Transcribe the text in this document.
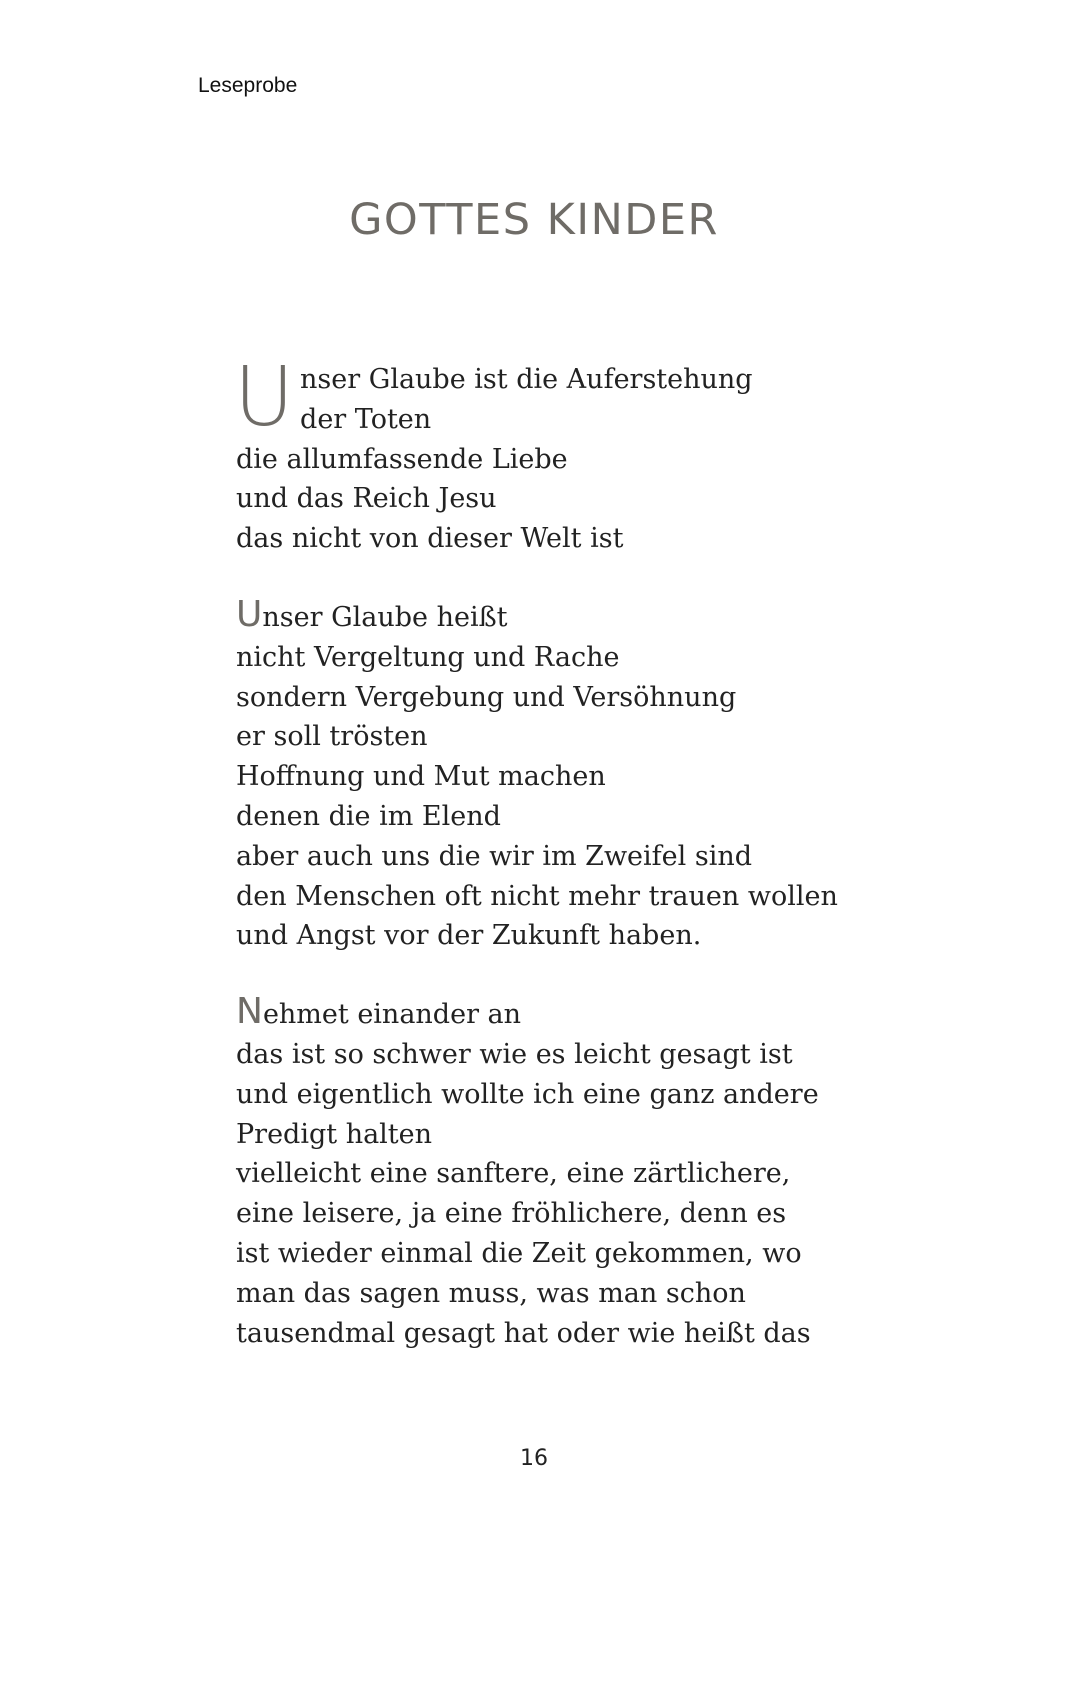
Leseprobe
GOTTES KINDER
U nser Glaube ist die Auferstehung
der Toten
die allumfassende Liebe
und das Reich Jesu
das nicht von dieser Welt ist
Unser Glaube heißt
nicht Vergeltung und Rache
sondern Vergebung und Versöhnung
er soll trösten
Hoffnung und Mut machen
denen die im Elend
aber auch uns die wir im Zweifel sind
den Menschen oft nicht mehr trauen wollen
und Angst vor der Zukunft haben.
Nehmet einander an
das ist so schwer wie es leicht gesagt ist
und eigentlich wollte ich eine ganz andere
Predigt halten
vielleicht eine sanftere, eine zärtlichere,
eine leisere, ja eine fröhlichere, denn es
ist wieder einmal die Zeit gekommen, wo
man das sagen muss, was man schon
tausendmal gesagt hat oder wie heißt das
16
